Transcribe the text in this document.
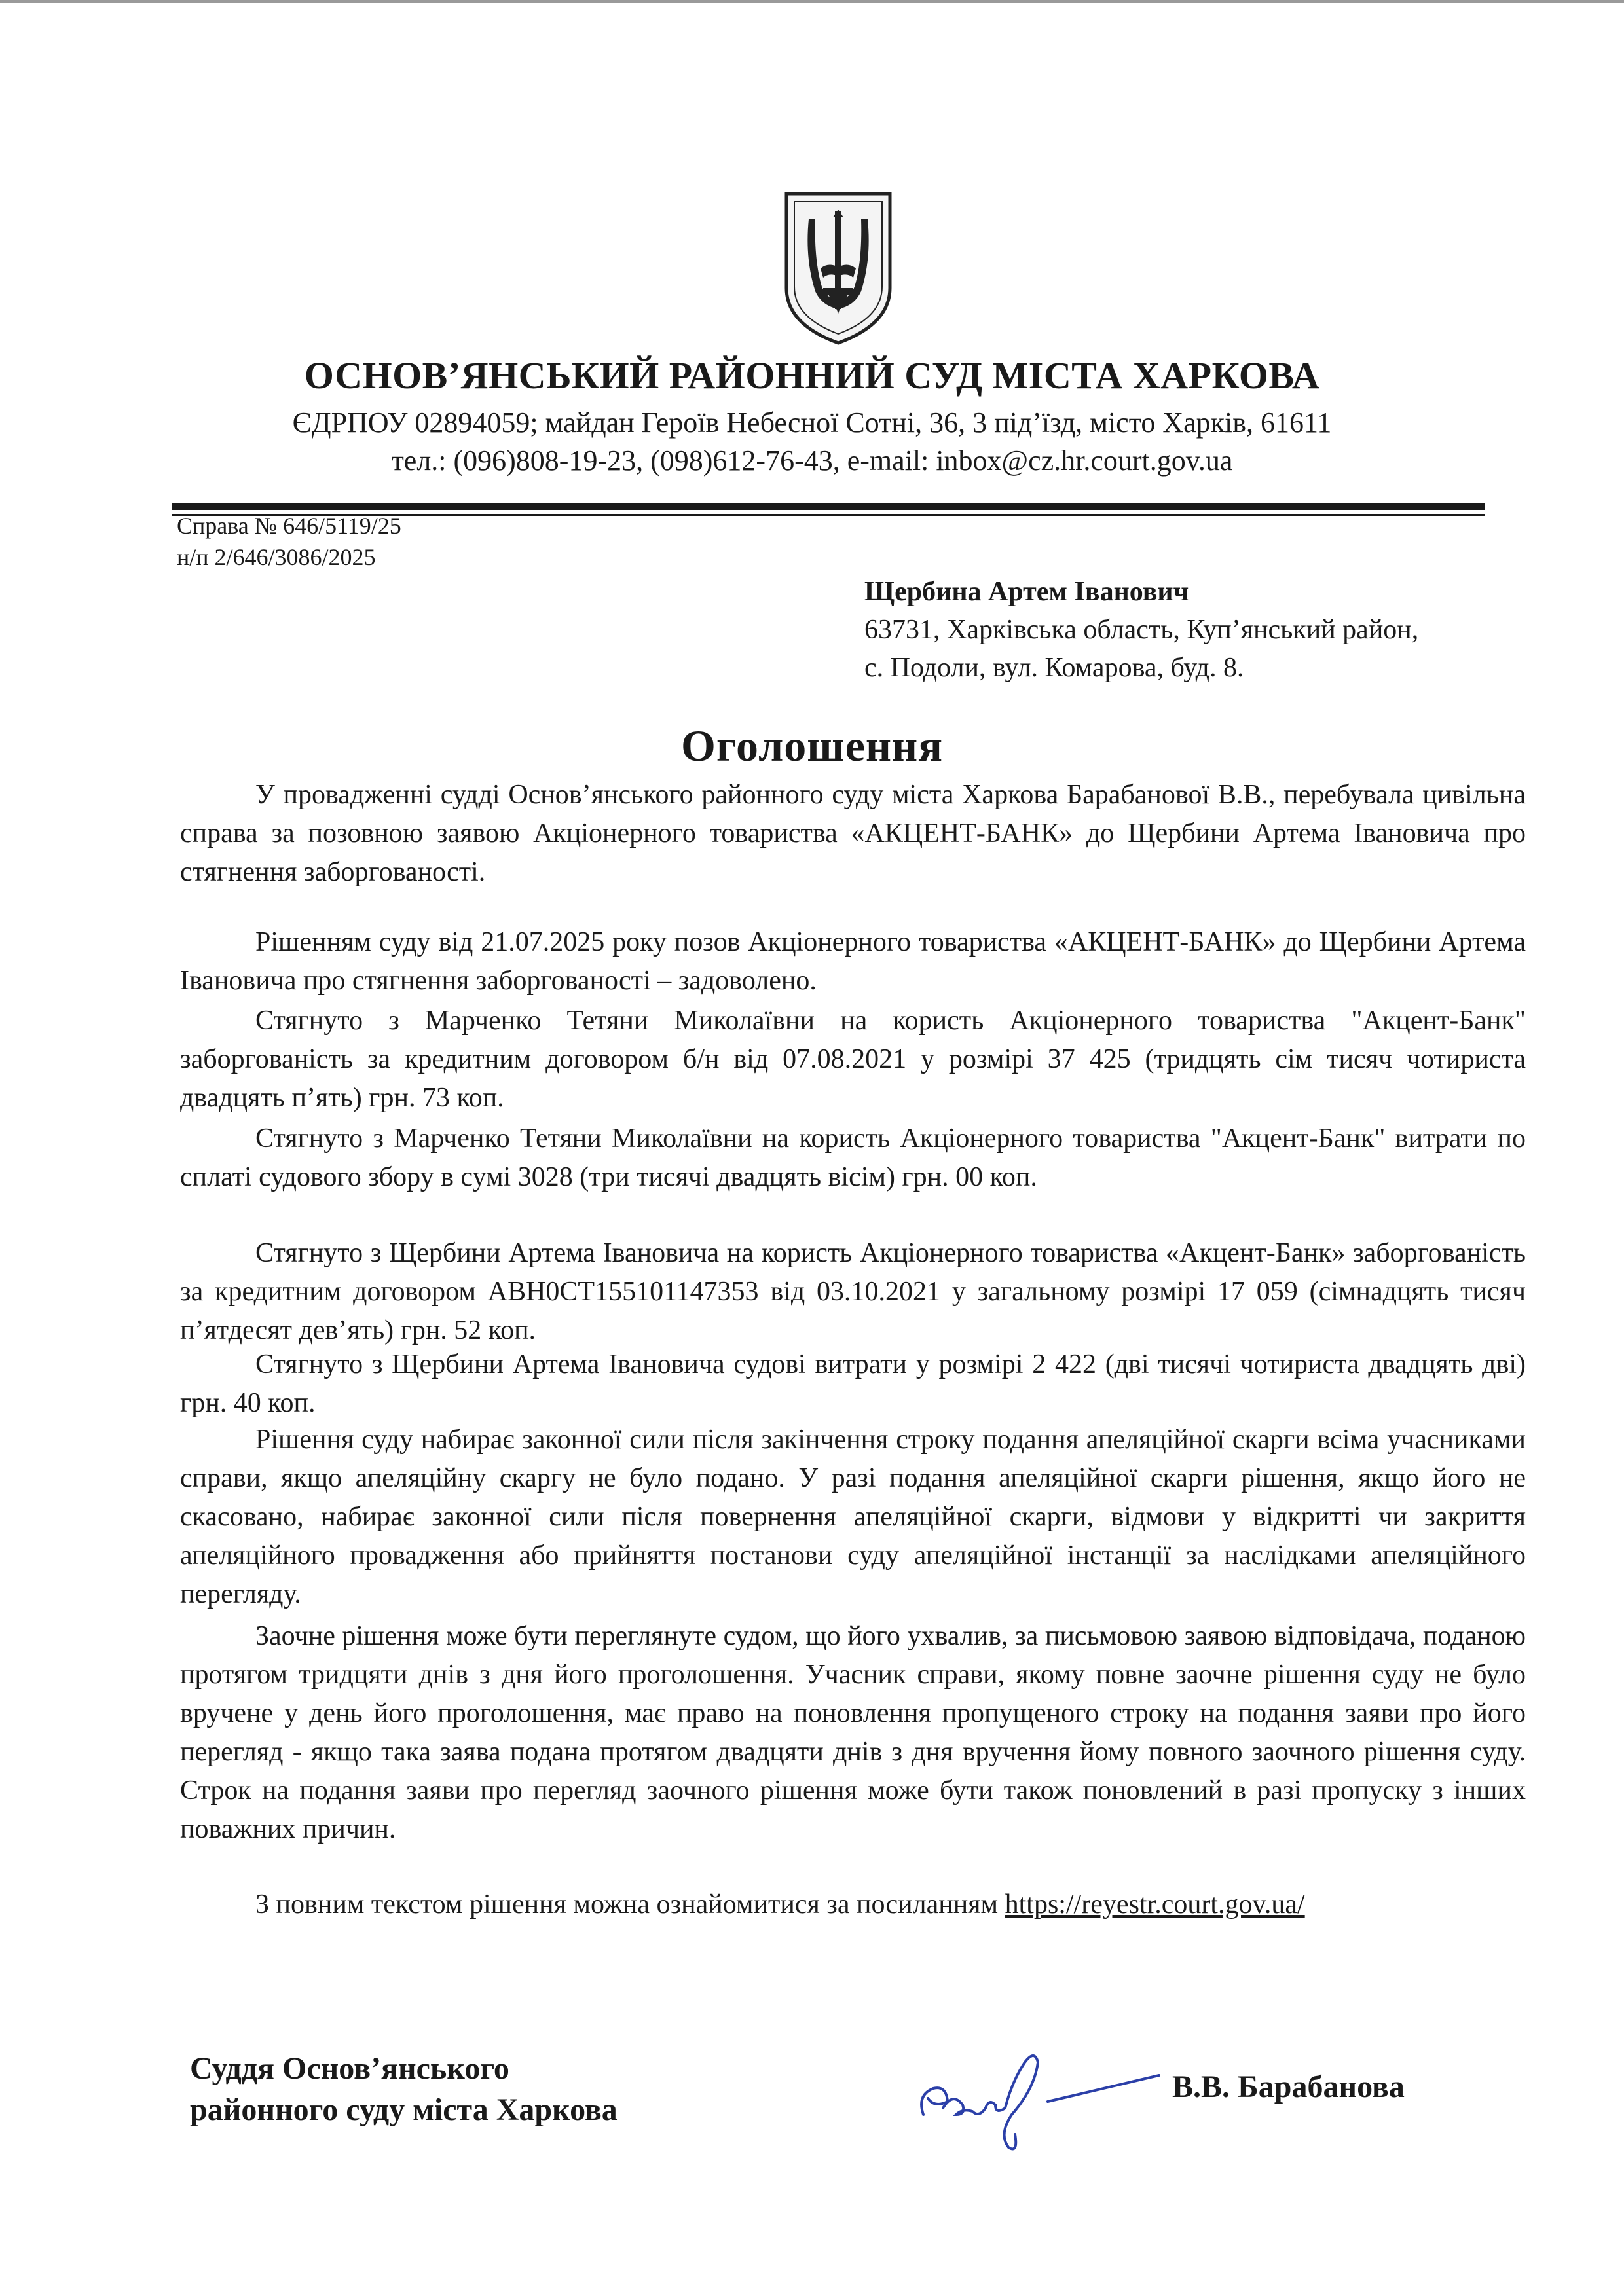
ОСНОВ’ЯНСЬКИЙ РАЙОННИЙ СУД МІСТА ХАРКОВА
ЄДРПОУ 02894059; майдан Героїв Небесної Сотні, 36, 3 під’їзд, місто Харків, 61611
тел.: (096)808-19-23, (098)612-76-43, e-mail: inbox@cz.hr.court.gov.ua
Справа № 646/5119/25
н/п 2/646/3086/2025
Щербина Артем Іванович
63731, Харківська область, Куп’янський район,
с. Подоли, вул. Комарова, буд. 8.
Оголошення

У провадженні судді Основ’янського районного суду міста Харкова Барабанової В.В., перебувала цивільна справа за позовною заявою Акціонерного товариства «АКЦЕНТ-БАНК» до Щербини Артема Івановича про стягнення заборгованості.

Рішенням суду від 21.07.2025 року позов Акціонерного товариства «АКЦЕНТ-БАНК» до Щербини Артема Івановича про стягнення заборгованості – задоволено.

Стягнуто з Марченко Тетяни Миколаївни на користь Акціонерного товариства "Акцент-Банк" заборгованість за кредитним договором б/н від 07.08.2021 у розмірі 37 425 (тридцять сім тисяч чотириста двадцять п’ять) грн. 73 коп.

Стягнуто з Марченко Тетяни Миколаївни на користь Акціонерного товариства "Акцент-Банк" витрати по сплаті судового збору в сумі 3028 (три тисячі двадцять вісім) грн. 00 коп.

Стягнуто з Щербини Артема Івановича на користь Акціонерного товариства «Акцент-Банк» заборгованість за кредитним договором АВН0СТ155101147353 від 03.10.2021 у загальному розмірі 17 059 (сімнадцять тисяч п’ятдесят дев’ять) грн. 52 коп.

Стягнуто з Щербини Артема Івановича судові витрати у розмірі 2 422 (дві тисячі чотириста двадцять дві) грн. 40 коп.

Рішення суду набирає законної сили після закінчення строку подання апеляційної скарги всіма учасниками справи, якщо апеляційну скаргу не було подано. У разі подання апеляційної скарги рішення, якщо його не скасовано, набирає законної сили після повернення апеляційної скарги, відмови у відкритті чи закриття апеляційного провадження або прийняття постанови суду апеляційної інстанції за наслідками апеляційного перегляду.

Заочне рішення може бути переглянуте судом, що його ухвалив, за письмовою заявою відповідача, поданою протягом тридцяти днів з дня його проголошення. Учасник справи, якому повне заочне рішення суду не було вручене у день його проголошення, має право на поновлення пропущеного строку на подання заяви про його перегляд - якщо така заява подана протягом двадцяти днів з дня вручення йому повного заочного рішення суду. Строк на подання заяви про перегляд заочного рішення може бути також поновлений в разі пропуску з інших поважних причин.

З повним текстом рішення можна ознайомитися за посиланням https://reyestr.court.gov.ua/

Суддя Основ’янського
районного суду міста Харкова
В.В. Барабанова
